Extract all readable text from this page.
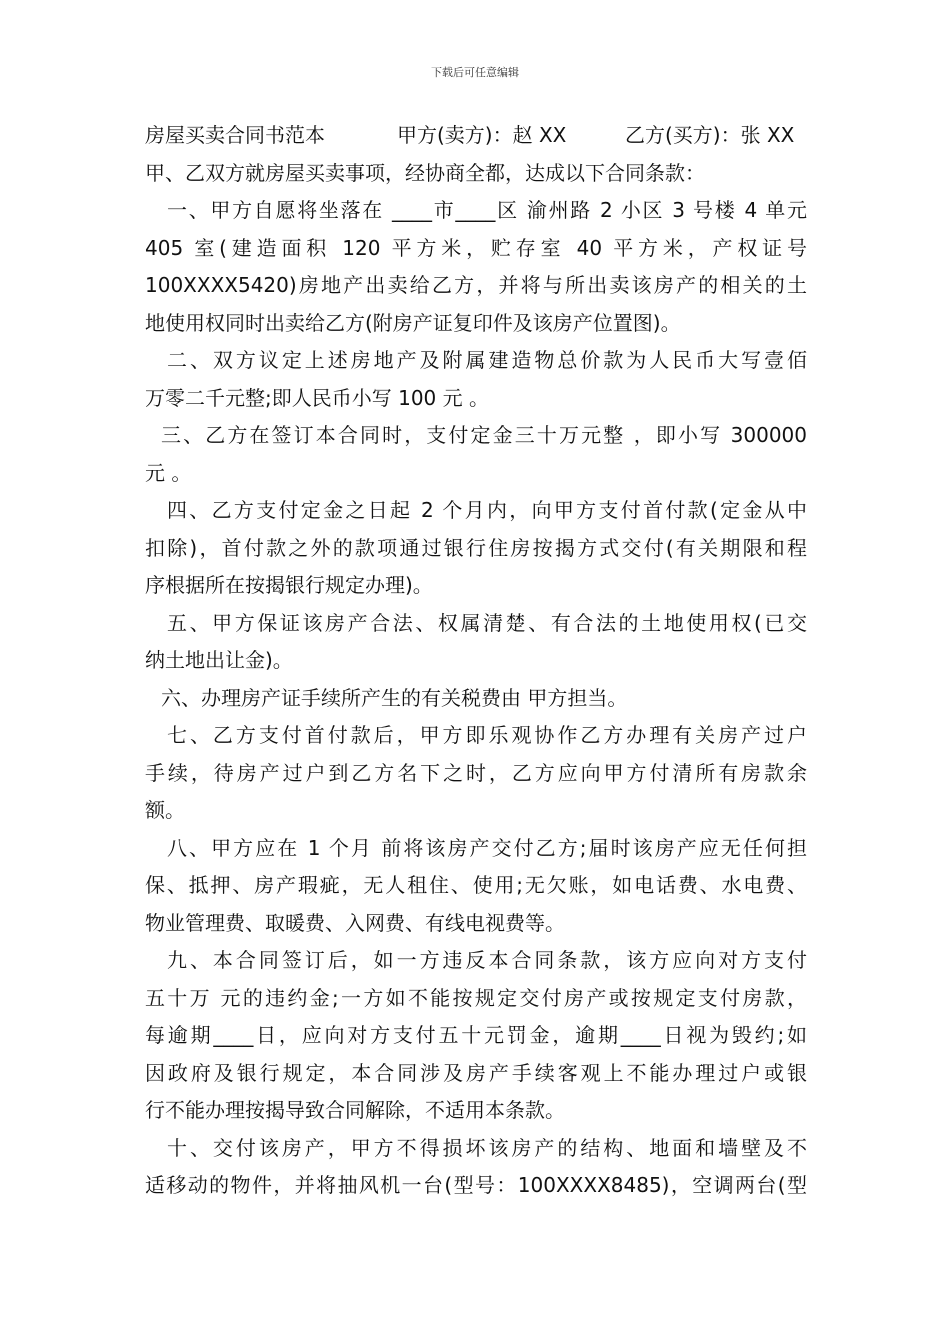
下载后可任意编辑
房屋买卖合同书范本	甲方(卖方)：赵 XX	乙方(买方)：张 XX
甲、乙双方就房屋买卖事项，经协商全都，达成以下合同条款：
一、甲方自愿将坐落在 ____市____区 渝州路 2 小区 3 号楼 4 单元
405 室(建造面积 120 平方米，贮存室 40 平方米，产权证号
100XXXX5420)房地产出卖给乙方，并将与所出卖该房产的相关的土
地使用权同时出卖给乙方(附房产证复印件及该房产位置图)。
二、双方议定上述房地产及附属建造物总价款为人民币大写壹佰
万零二千元整;即人民币小写 100 元 。
三、乙方在签订本合同时，支付定金三十万元整 ，即小写 300000
元 。
四、乙方支付定金之日起 2 个月内，向甲方支付首付款(定金从中
扣除)，首付款之外的款项通过银行住房按揭方式交付(有关期限和程
序根据所在按揭银行规定办理)。
五、甲方保证该房产合法、权属清楚、有合法的土地使用权(已交
纳土地出让金)。
六、办理房产证手续所产生的有关税费由 甲方担当。
七、乙方支付首付款后，甲方即乐观协作乙方办理有关房产过户
手续，待房产过户到乙方名下之时，乙方应向甲方付清所有房款余
额。
八、甲方应在 1 个月 前将该房产交付乙方;届时该房产应无任何担
保、抵押、房产瑕疵，无人租住、使用;无欠账，如电话费、水电费、
物业管理费、取暖费、入网费、有线电视费等。
九、本合同签订后，如一方违反本合同条款，该方应向对方支付
五十万 元的违约金;一方如不能按规定交付房产或按规定支付房款，
每逾期____日，应向对方支付五十元罚金，逾期____日视为毁约;如
因政府及银行规定，本合同涉及房产手续客观上不能办理过户或银
行不能办理按揭导致合同解除，不适用本条款。
十、交付该房产，甲方不得损坏该房产的结构、地面和墙壁及不
适移动的物件，并将抽风机一台(型号：100XXXX8485)，空调两台(型
